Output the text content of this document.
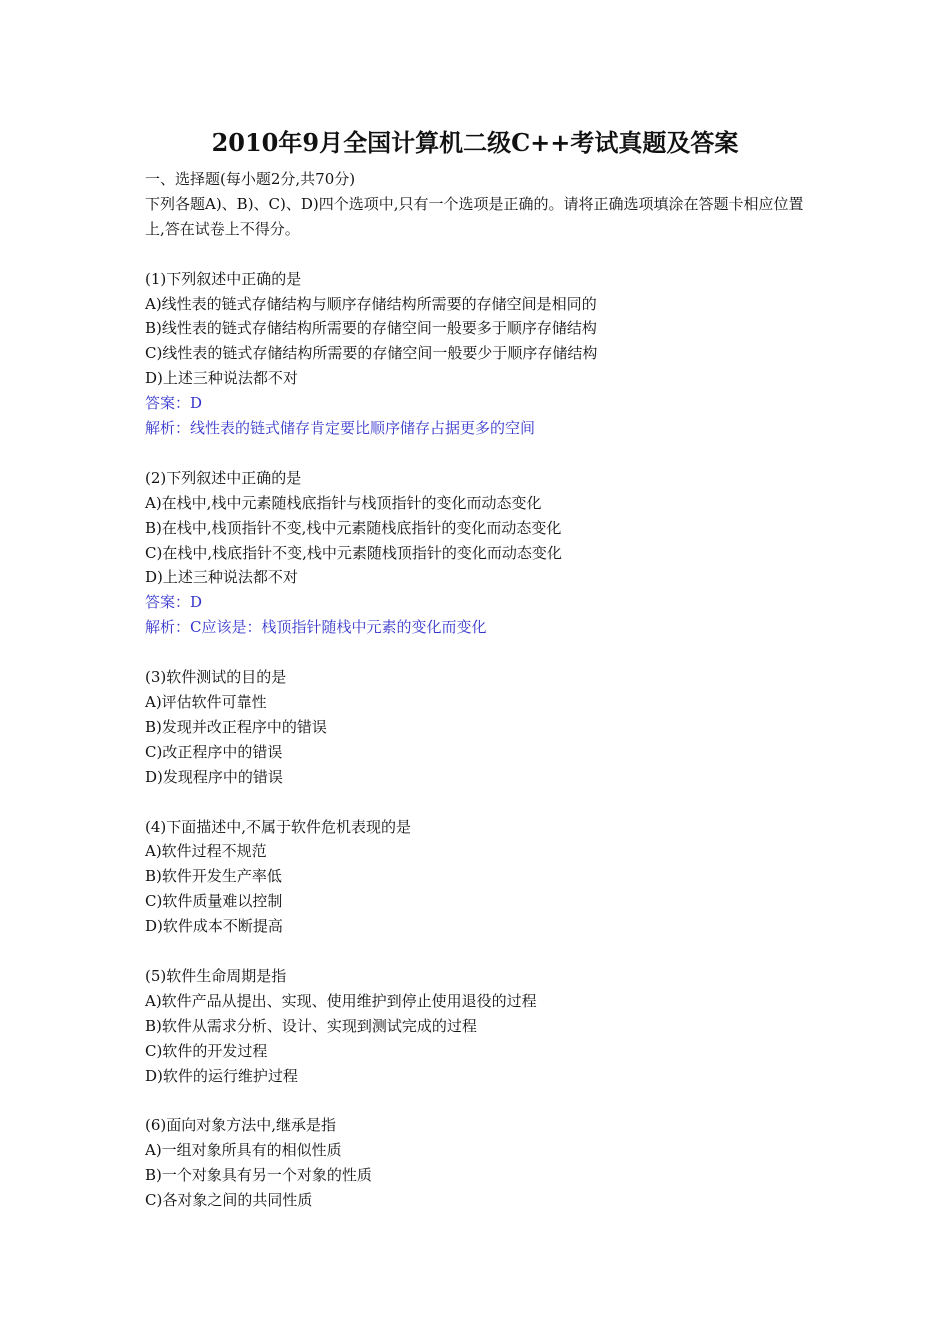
2010年9月全国计算机二级C++考试真题及答案

一、选择题(每小题2分,共70分)

下列各题A)、B)、C)、D)四个选项中,只有一个选项是正确的。请将正确选项填涂在答题卡相应位置上,答在试卷上不得分。

(1)下列叙述中正确的是

A)线性表的链式存储结构与顺序存储结构所需要的存储空间是相同的

B)线性表的链式存储结构所需要的存储空间一般要多于顺序存储结构

C)线性表的链式存储结构所需要的存储空间一般要少于顺序存储结构

D)上述三种说法都不对

答案：D

解析：线性表的链式储存肯定要比顺序储存占据更多的空间

(2)下列叙述中正确的是

A)在栈中,栈中元素随栈底指针与栈顶指针的变化而动态变化

B)在栈中,栈顶指针不变,栈中元素随栈底指针的变化而动态变化

C)在栈中,栈底指针不变,栈中元素随栈顶指针的变化而动态变化

D)上述三种说法都不对

答案：D

解析：C应该是：栈顶指针随栈中元素的变化而变化

(3)软件测试的目的是

A)评估软件可靠性

B)发现并改正程序中的错误

C)改正程序中的错误

D)发现程序中的错误

(4)下面描述中,不属于软件危机表现的是

A)软件过程不规范

B)软件开发生产率低

C)软件质量难以控制

D)软件成本不断提高

(5)软件生命周期是指

A)软件产品从提出、实现、使用维护到停止使用退役的过程

B)软件从需求分析、设计、实现到测试完成的过程

C)软件的开发过程

D)软件的运行维护过程

(6)面向对象方法中,继承是指

A)一组对象所具有的相似性质

B)一个对象具有另一个对象的性质

C)各对象之间的共同性质
